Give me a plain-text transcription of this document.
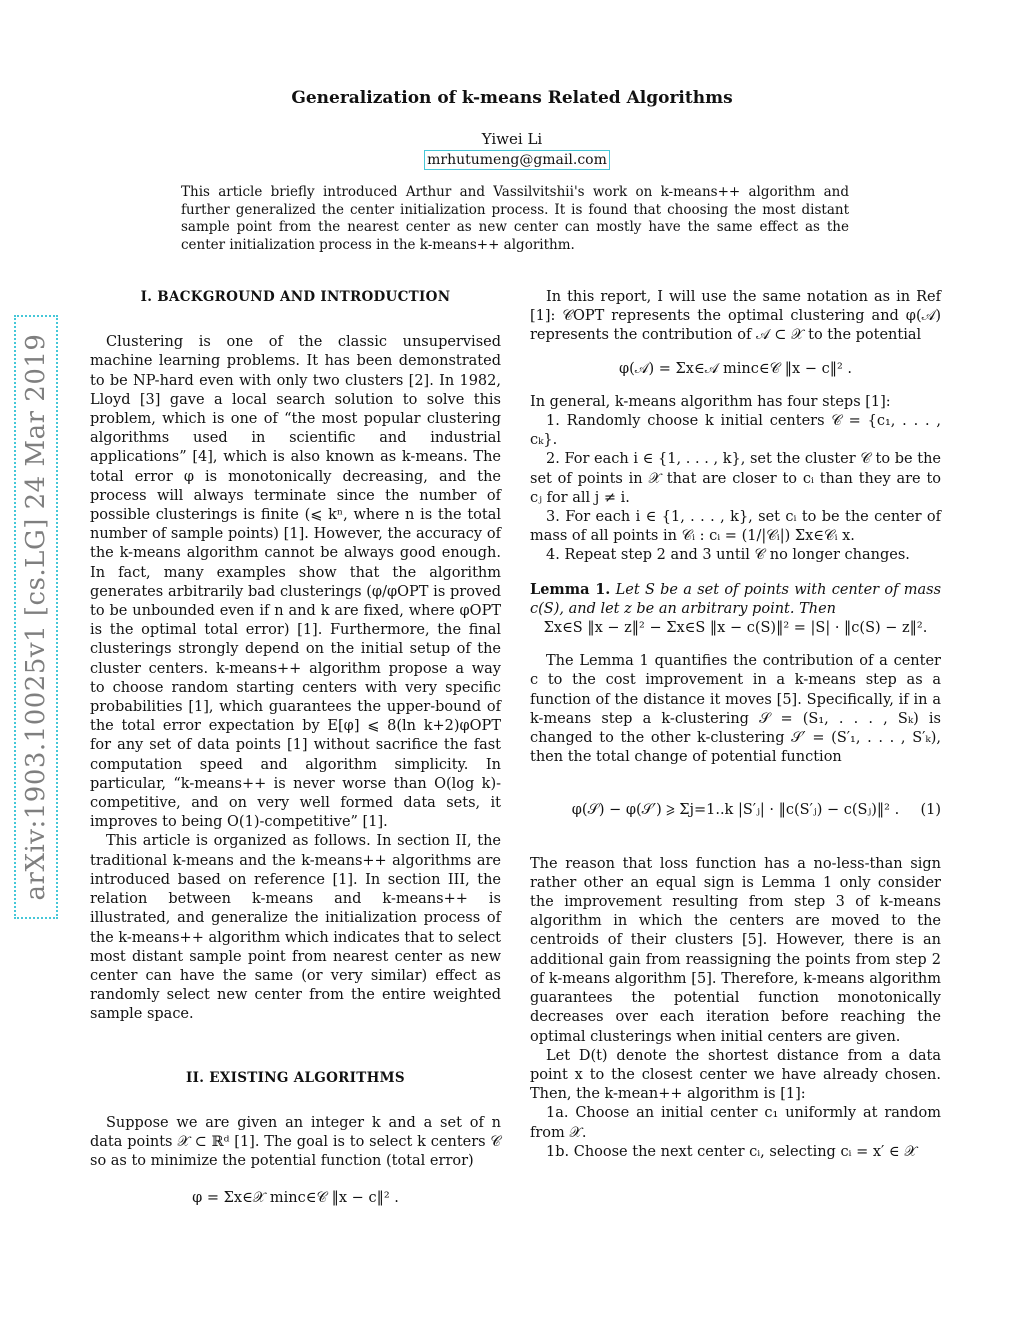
arXiv:1903.10025v1 [cs.LG] 24 Mar 2019
Generalization of k-means Related Algorithms
Yiwei Li
mrhutumeng@gmail.com
This article briefly introduced Arthur and Vassilvitshii's work on k-means++ algorithm and further generalized the center initialization process. It is found that choosing the most distant sample point from the nearest center as new center can mostly have the same effect as the center initialization process in the k-means++ algorithm.

I. BACKGROUND AND INTRODUCTION

Clustering is one of the classic unsupervised machine learning problems. It has been demonstrated to be NP-hard even with only two clusters [2]. In 1982, Lloyd [3] gave a local search solution to solve this problem, which is one of “the most popular clustering algorithms used in scientific and industrial applications” [4], which is also known as k-means. The total error φ is monotonically decreasing, and the process will always terminate since the number of possible clusterings is finite (⩽ kⁿ, where n is the total number of sample points) [1]. However, the accuracy of the k-means algorithm cannot be always good enough. In fact, many examples show that the algorithm generates arbitrarily bad clusterings (φ/φOPT is proved to be unbounded even if n and k are fixed, where φOPT is the optimal total error) [1]. Furthermore, the final clusterings strongly depend on the initial setup of the cluster centers. k-means++ algorithm propose a way to choose random starting centers with very specific probabilities [1], which guarantees the upper-bound of the total error expectation by E[φ] ⩽ 8(ln k+2)φOPT for any set of data points [1] without sacrifice the fast computation speed and algorithm simplicity. In particular, “k-means++ is never worse than O(log k)-competitive, and on very well formed data sets, it improves to being O(1)-competitive” [1].

This article is organized as follows. In section II, the traditional k-means and the k-means++ algorithms are introduced based on reference [1]. In section III, the relation between k-means and k-means++ is illustrated, and generalize the initialization process of the k-means++ algorithm which indicates that to select most distant sample point from nearest center as new center can have the same (or very similar) effect as randomly select new center from the entire weighted sample space.

II. EXISTING ALGORITHMS

Suppose we are given an integer k and a set of n data points 𝒳 ⊂ ℝᵈ [1]. The goal is to select k centers 𝒞 so as to minimize the potential function (total error)

φ = Σx∈𝒳 minc∈𝒞 ‖x − c‖² .

In this report, I will use the same notation as in Ref [1]: 𝒞OPT represents the optimal clustering and φ(𝒜) represents the contribution of 𝒜 ⊂ 𝒳 to the potential

φ(𝒜) = Σx∈𝒜 minc∈𝒞 ‖x − c‖² .

In general, k-means algorithm has four steps [1]:

1. Randomly choose k initial centers 𝒞 = {c₁, . . . , cₖ}.

2. For each i ∈ {1, . . . , k}, set the cluster 𝒞 to be the set of points in 𝒳 that are closer to cᵢ than they are to cⱼ for all j ≠ i.

3. For each i ∈ {1, . . . , k}, set cᵢ to be the center of mass of all points in 𝒞ᵢ : cᵢ = (1/|𝒞ᵢ|) Σx∈𝒞ᵢ x.

4. Repeat step 2 and 3 until 𝒞 no longer changes.

Lemma 1. Let S be a set of points with center of mass c(S), and let z be an arbitrary point. Then

Σx∈S ‖x − z‖² − Σx∈S ‖x − c(S)‖² = |S| · ‖c(S) − z‖².

The Lemma 1 quantifies the contribution of a center c to the cost improvement in a k-means step as a function of the distance it moves [5]. Specifically, if in a k-means step a k-clustering 𝒮 = (S₁, . . . , Sₖ) is changed to the other k-clustering 𝒮′ = (S′₁, . . . , S′ₖ), then the total change of potential function

φ(𝒮) − φ(𝒮′) ⩾ Σj=1..k |S′ⱼ| · ‖c(S′ⱼ) − c(Sⱼ)‖² . (1)

The reason that loss function has a no-less-than sign rather other an equal sign is Lemma 1 only consider the improvement resulting from step 3 of k-means algorithm in which the centers are moved to the centroids of their clusters [5]. However, there is an additional gain from reassigning the points from step 2 of k-means algorithm [5]. Therefore, k-means algorithm guarantees the potential function monotonically decreases over each iteration before reaching the optimal clusterings when initial centers are given.

Let D(t) denote the shortest distance from a data point x to the closest center we have already chosen. Then, the k-mean++ algorithm is [1]:

1a. Choose an initial center c₁ uniformly at random from 𝒳.

1b. Choose the next center cᵢ, selecting cᵢ = x′ ∈ 𝒳
